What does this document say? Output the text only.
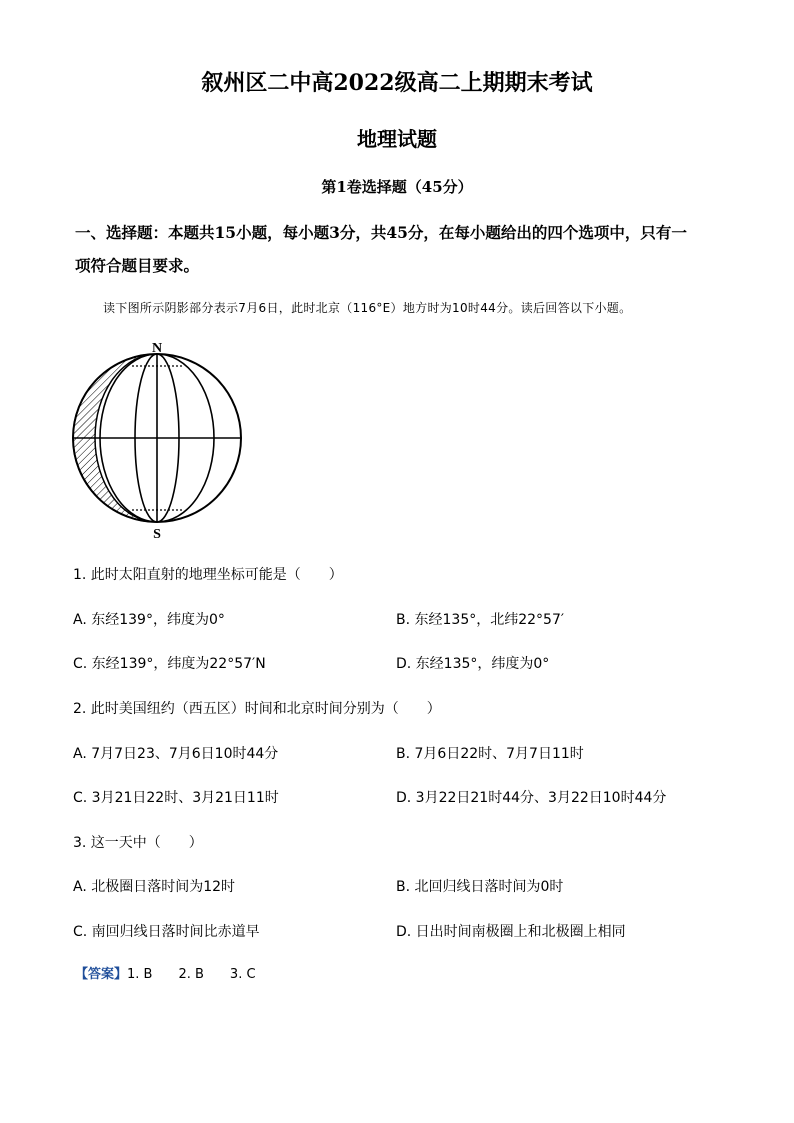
叙州区二中高2022级高二上期期末考试
地理试题
第1卷选择题（45分）
一、选择题：本题共15小题，每小题3分，共45分，在每小题给出的四个选项中，只有一
项符合题目要求。
读下图所示阴影部分表示7月6日，此时北京（116°E）地方时为10时44分。读后回答以下小题。
N
S
1. 此时太阳直射的地理坐标可能是（　　）
A. 东经139°，纬度为0°	B. 东经135°，北纬22°57′
C. 东经139°，纬度为22°57′N	D. 东经135°，纬度为0°
2. 此时美国纽约（西五区）时间和北京时间分别为（　　）
A. 7月7日23、7月6日10时44分	B. 7月6日22时、7月7日11时
C. 3月21日22时、3月21日11时	D. 3月22日21时44分、3月22日10时44分
3. 这一天中（　　）
A. 北极圈日落时间为12时	B. 北回归线日落时间为0时
C. 南回归线日落时间比赤道早	D. 日出时间南极圈上和北极圈上相同
【答案】1. B　　2. B　　3. C
